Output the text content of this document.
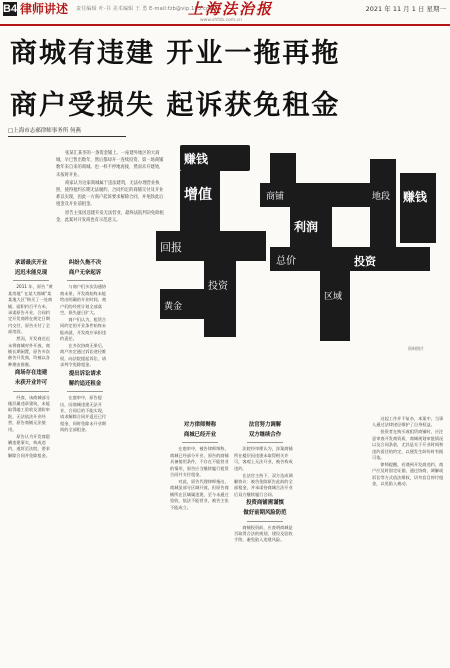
B4 律师讲述 责任编辑 叶·书 美术编辑 王 勇 E-mail:fzb@vip.163.com
上海法治报	2021 年 11 月 1 日 星期一
www.shfzb.com.cn
商城有违建 开业一拖再拖
商户受损失 起诉获免租金
□上海市志郝律师事务所 何燕

张某汇某李的一条资金铺上。一座建外地区的大商城，早已售出数年，然后都却开一连续投资，第一场商铺数年来自来的商城。也一样不停地再接，然而未开建始，未按时开业。

商家认为这家商城属于违法建筑，无法办理营业执照，使得租约长期无法履约，合同约定的商铺交付及开业难以实现，因此一方商户起诉要求解除合同，并免除此后租金及开业前租金。

原告主张因违建开发无法营业，最终法院判决免除租金，此案对开发商也有示范意义。

赚钱
增值
回报
投资
黄金
商铺
利润
总价
区域
地段 赚钱
投资
资料图片
承诺最庆开业
迟迟未能兑现

2011 年，原告 “黄某房地” 在某大商城“某某地大区”购买了一处商铺，面积约百平方米，承诺原告开业，合同约定开发商将在规定日期内交付，原告支付了全部房款。

然而，开发商迟迟未将商城对外开放，商铺长期闲置，原告多次催告开发商，均被以各种理由推脱。

商场存在违建
未获开业许可

经查，该商城部分楼层属违章建筑，未能取得竣工验收及消防审批，无法依法开业经营，原告商铺无法使用。

原告认为开发商隐瞒违建事实，构成违约，遂诉至法院，要求解除合同并免除租金。

纠纷久拖不决
商户无奈起诉

与商户们多次沟通协商未果，开发商始终未能给出明确的开业时间，商户们的经营计划全部落空，损失逐日扩大。

商户们认为，租赁合同约定的开业条件始终未能成就，开发商应承担违约责任。

在多次协商无果后，商户决定通过诉讼途径维权，向法院提起诉讼，请求判令免除租金。

提出诉讼请求
解约追还租金

在庭审中，原告提出，因商城违建无法开业，合同目的不能实现，请求解除合同并返还已付租金，同时免除未开业期间的全部租金。

对方律师辩称
商城已经开业

在庭审中，被告律师辩称，商城已经部分开业，原告的商铺具备使用条件，不存在不能营业的情形，原告应当继续履行租赁合同并支付租金。

对此，原告代理律师指出，商城虽部分区域开放，但原告商铺所在区域属违建，至今未通过验收，依法不能营业，被告主张不能成立。

法官努力调解
双方继续合作

法院经审理认为，涉案商铺所在楼层因违建未取得相关许可，客观上无法开业，被告构成违约。

在法官主持下，双方达成调解协议：被告免除原告此前的全部租金，并承诺待商城合法开业后双方继续履行合同。

投资商铺需谨慎
做好前期风险防范

商铺投资前，应查明商城是否取得合法的规划、建设及验收手续，避免陷入违建风险。

这起工作并不复杂，本案中，当事人通过法律途径维护了自身权益。

投资者在购买或租赁商铺时，应注意审查开发商资质、商城规划审批情况以及合同条款，尤其是关于开业时间和违约责任的约定，以便发生纠纷时有据可依。

律师提醒，若遇到开发商违约，商户应及时固定证据，通过协商、调解或诉讼等方式依法维权，切勿盲目停付租金，以免陷入被动。
